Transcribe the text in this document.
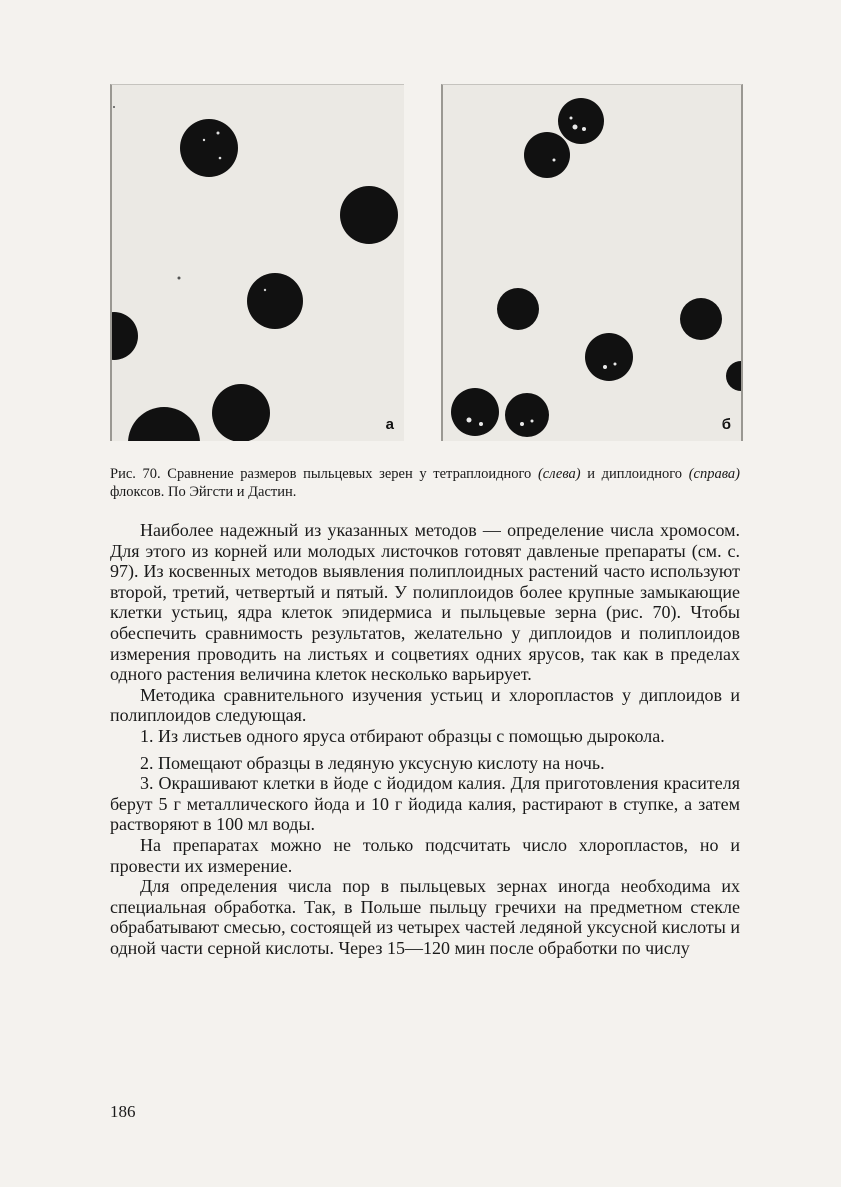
а	б

Рис. 70. Сравнение размеров пыльцевых зерен у тетраплоидного (слева) и диплоидного (справа) флоксов. По Эйгсти и Дастин.

Наиболее надежный из указанных методов — определение числа хромосом. Для этого из корней или молодых листочков готовят давленые препараты (см. с. 97). Из косвенных методов выявления полиплоидных растений часто используют второй, третий, четвертый и пятый. У полиплоидов более крупные замыкающие клетки устьиц, ядра клеток эпидермиса и пыльцевые зерна (рис. 70). Чтобы обеспечить сравнимость результатов, желательно у диплоидов и полиплоидов измерения проводить на листьях и соцветиях одних ярусов, так как в пределах одного растения величина клеток несколько варьирует.

Методика сравнительного изучения устьиц и хлоропластов у диплоидов и полиплоидов следующая.

1. Из листьев одного яруса отбирают образцы с помощью дырокола.

2. Помещают образцы в ледяную уксусную кислоту на ночь.

3. Окрашивают клетки в йоде с йодидом калия. Для приготовления красителя берут 5 г металлического йода и 10 г йодида калия, растирают в ступке, а затем растворяют в 100 мл воды.

На препаратах можно не только подсчитать число хлоропластов, но и провести их измерение.

Для определения числа пор в пыльцевых зернах иногда необходима их специальная обработка. Так, в Польше пыльцу гречихи на предметном стекле обрабатывают смесью, состоящей из четырех частей ледяной уксусной кислоты и одной части серной кислоты. Через 15—120 мин после обработки по числу

186
